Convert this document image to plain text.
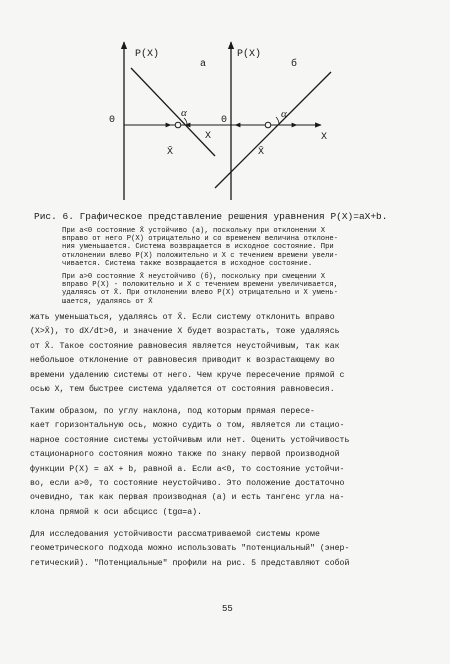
P(X)
а
0
α
X
X̄
P(X)
б
0
α
X
X̄
Рис. 6. Графическое представление решения уравнения P(X)=aX+b.
При a<0 состояние X̄ устойчиво (a), поскольку при отклонении X
вправо от него P(X) отрицательно и со временем величина отклоне-
ния уменьшается. Система возвращается в исходное состояние. При
отклонении влево P(X) положительно и X с течением времени увели-
чивается. Система также возвращается в исходное состояние.
При a>0 состояние X̄ неустойчиво (б), поскольку при смещении X
вправо P(X) - положительно и X с течением времени увеличивается,
удаляясь от X̄. При отклонении влево P(X) отрицательно и X умень-
шается, удаляясь от X̄
жать уменьшаться, удаляясь от X̄. Если систему отклонить вправо
(X>X̄), то dX/dt>0, и значение X будет возрастать, тоже удаляясь
от X̄. Такое состояние равновесия является неустойчивым, так как
небольшое отклонение от равновесия приводит к возрастающему во
времени удалению системы от него. Чем круче пересечение прямой с
осью X, тем быстрее система удаляется от состояния равновесия.
Таким образом, по углу наклона, под которым прямая пересе-
кает горизонтальную ось, можно судить о том, является ли стацио-
нарное состояние системы устойчивым или нет. Оценить устойчивость
стационарного состояния можно также по знаку первой производной
функции P(X) = aX + b, равной a. Если a<0, то состояние устойчи-
во, если a>0, то состояние неустойчиво. Это положение достаточно
очевидно, так как первая производная (a) и есть тангенс угла на-
клона прямой к оси абсцисс (tgα=a).
Для исследования устойчивости рассматриваемой системы кроме
геометрического подхода можно использовать "потенциальный" (энер-
гетический). "Потенциальные" профили на рис. 5 представляют собой
55
